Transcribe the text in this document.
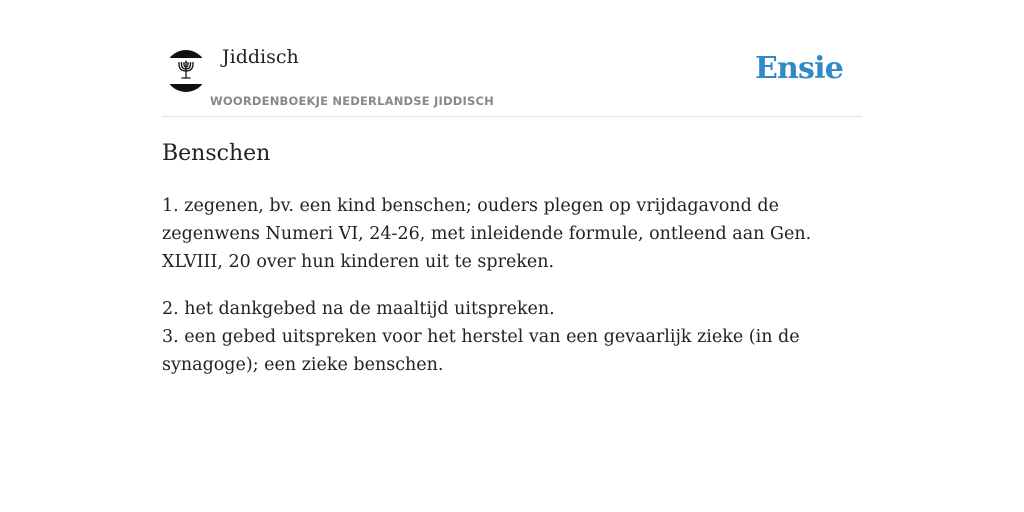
Jiddisch
WOORDENBOEKJE NEDERLANDSE JIDDISCH
Ensie
Benschen

1. zegenen, bv. een kind benschen; ouders plegen op vrijdagavond de zegenwens Numeri VI, 24-26, met inleidende formule, ontleend aan Gen. XLVIII, 20 over hun kinderen uit te spreken.

2. het dankgebed na de maaltijd uitspreken.
3. een gebed uitspreken voor het herstel van een gevaarlijk zieke (in de synagoge); een zieke benschen.
